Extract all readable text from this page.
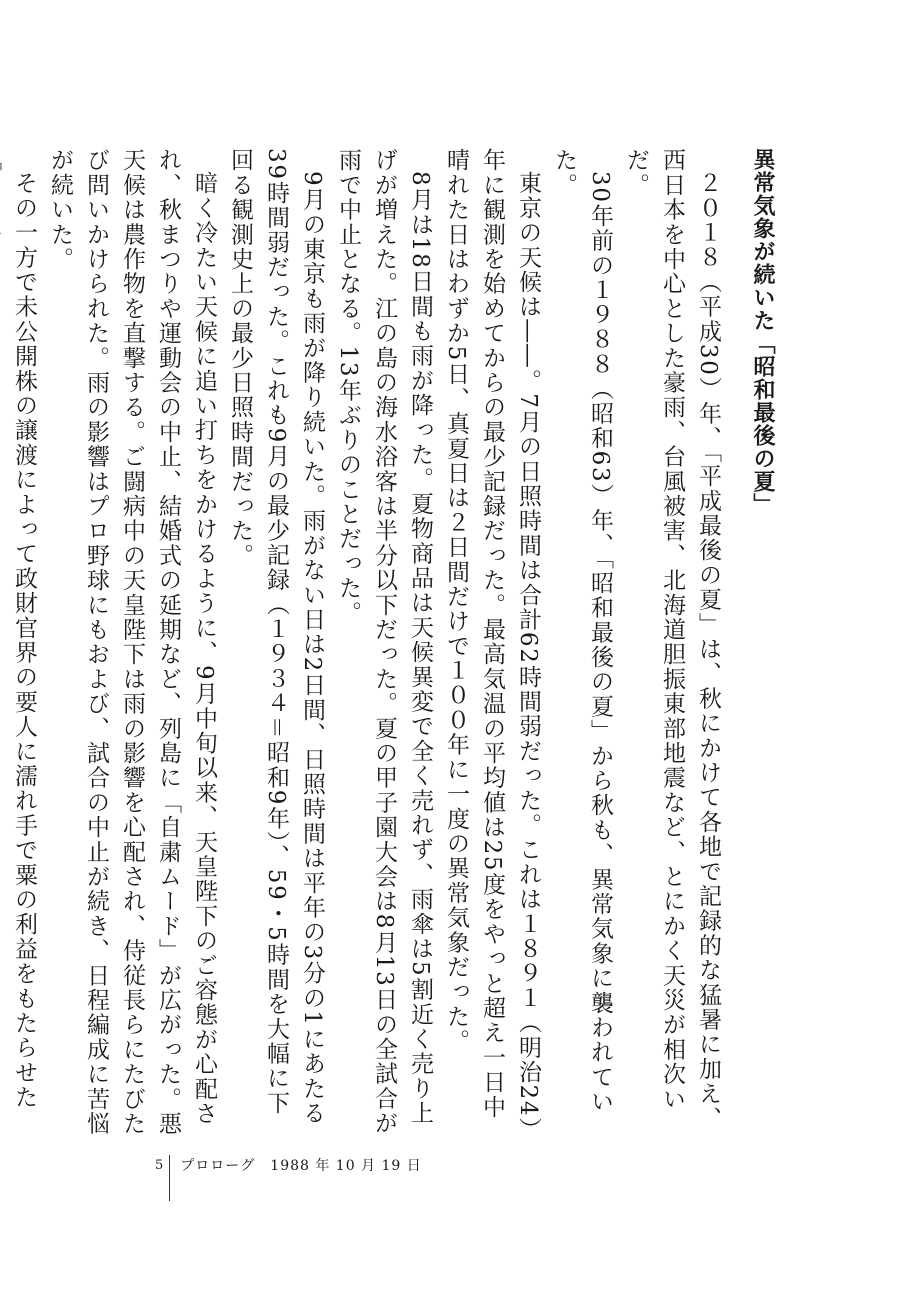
異常気象が続いた「昭和最後の夏」

２０１８（平成30）年、「平成最後の夏」は、秋にかけて各地で記録的な猛暑に加え、西日本を中心とした豪雨、台風被害、北海道胆振東部地震など、とにかく天災が相次いだ。

30年前の１９８８（昭和63）年、「昭和最後の夏」から秋も、異常気象に襲われていた。

東京の天候は――。7月の日照時間は合計62時間弱だった。これは１８９１（明治24）年に観測を始めてからの最少記録だった。最高気温の平均値は25度をやっと超え一日中晴れた日はわずか5日、真夏日は２日間だけで１００年に一度の異常気象だった。

8月は18日間も雨が降った。夏物商品は天候異変で全く売れず、雨傘は5割近く売り上げが増えた。江の島の海水浴客は半分以下だった。夏の甲子園大会は8月13日の全試合が雨で中止となる。13年ぶりのことだった。

9月の東京も雨が降り続いた。雨がない日は2日間、日照時間は平年の3分の1にあたる39時間弱だった。これも9月の最少記録（１９３４＝昭和9年）、59・5時間を大幅に下回る観測史上の最少日照時間だった。

暗く冷たい天候に追い打ちをかけるように、9月中旬以来、天皇陛下のご容態が心配され、秋まつりや運動会の中止、結婚式の延期など、列島に「自粛ムード」が広がった。悪天候は農作物を直撃する。ご闘病中の天皇陛下は雨の影響を心配され、侍従長らにたびたび問いかけられた。雨の影響はプロ野球にもおよび、試合の中止が続き、日程編成に苦悩が続いた。

その一方で未公開株の譲渡によって政財官界の要人に濡れ手で粟の利益をもたらせた

5 プロローグ　1988 年 10 月 19 日
